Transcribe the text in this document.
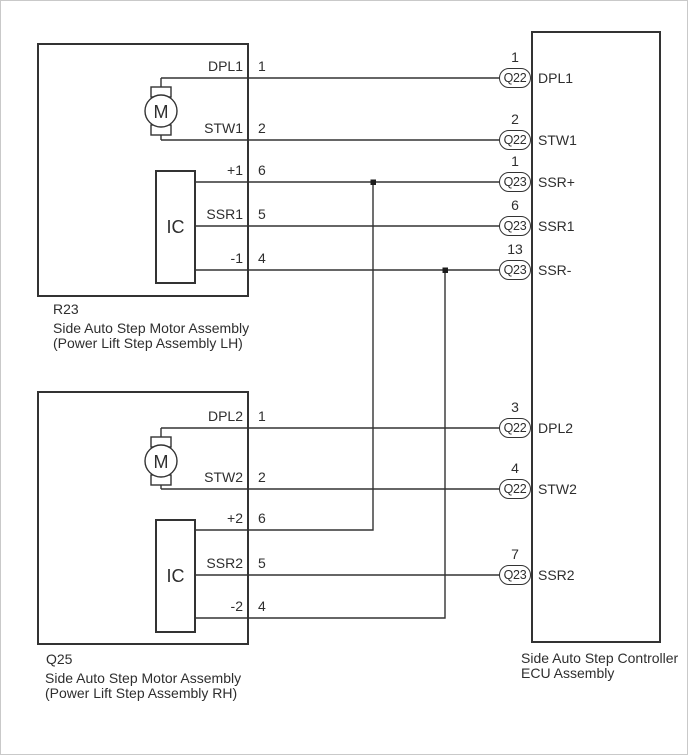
IC
IC
M
M
DPL1
STW1
+1
SSR1
-1
1
2
6
5
4
DPL2
STW2
+2
SSR2
-2
1
2
6
5
4
Q22
Q22
Q23
Q23
Q23
Q22
Q22
Q23
1
2
1
6
13
3
4
7
DPL1
STW1
SSR+
SSR1
SSR-
DPL2
STW2
SSR2
R23
Side Auto Step Motor Assembly
(Power Lift Step Assembly LH)
Q25
Side Auto Step Motor Assembly
(Power Lift Step Assembly RH)
Side Auto Step Controller
ECU Assembly
